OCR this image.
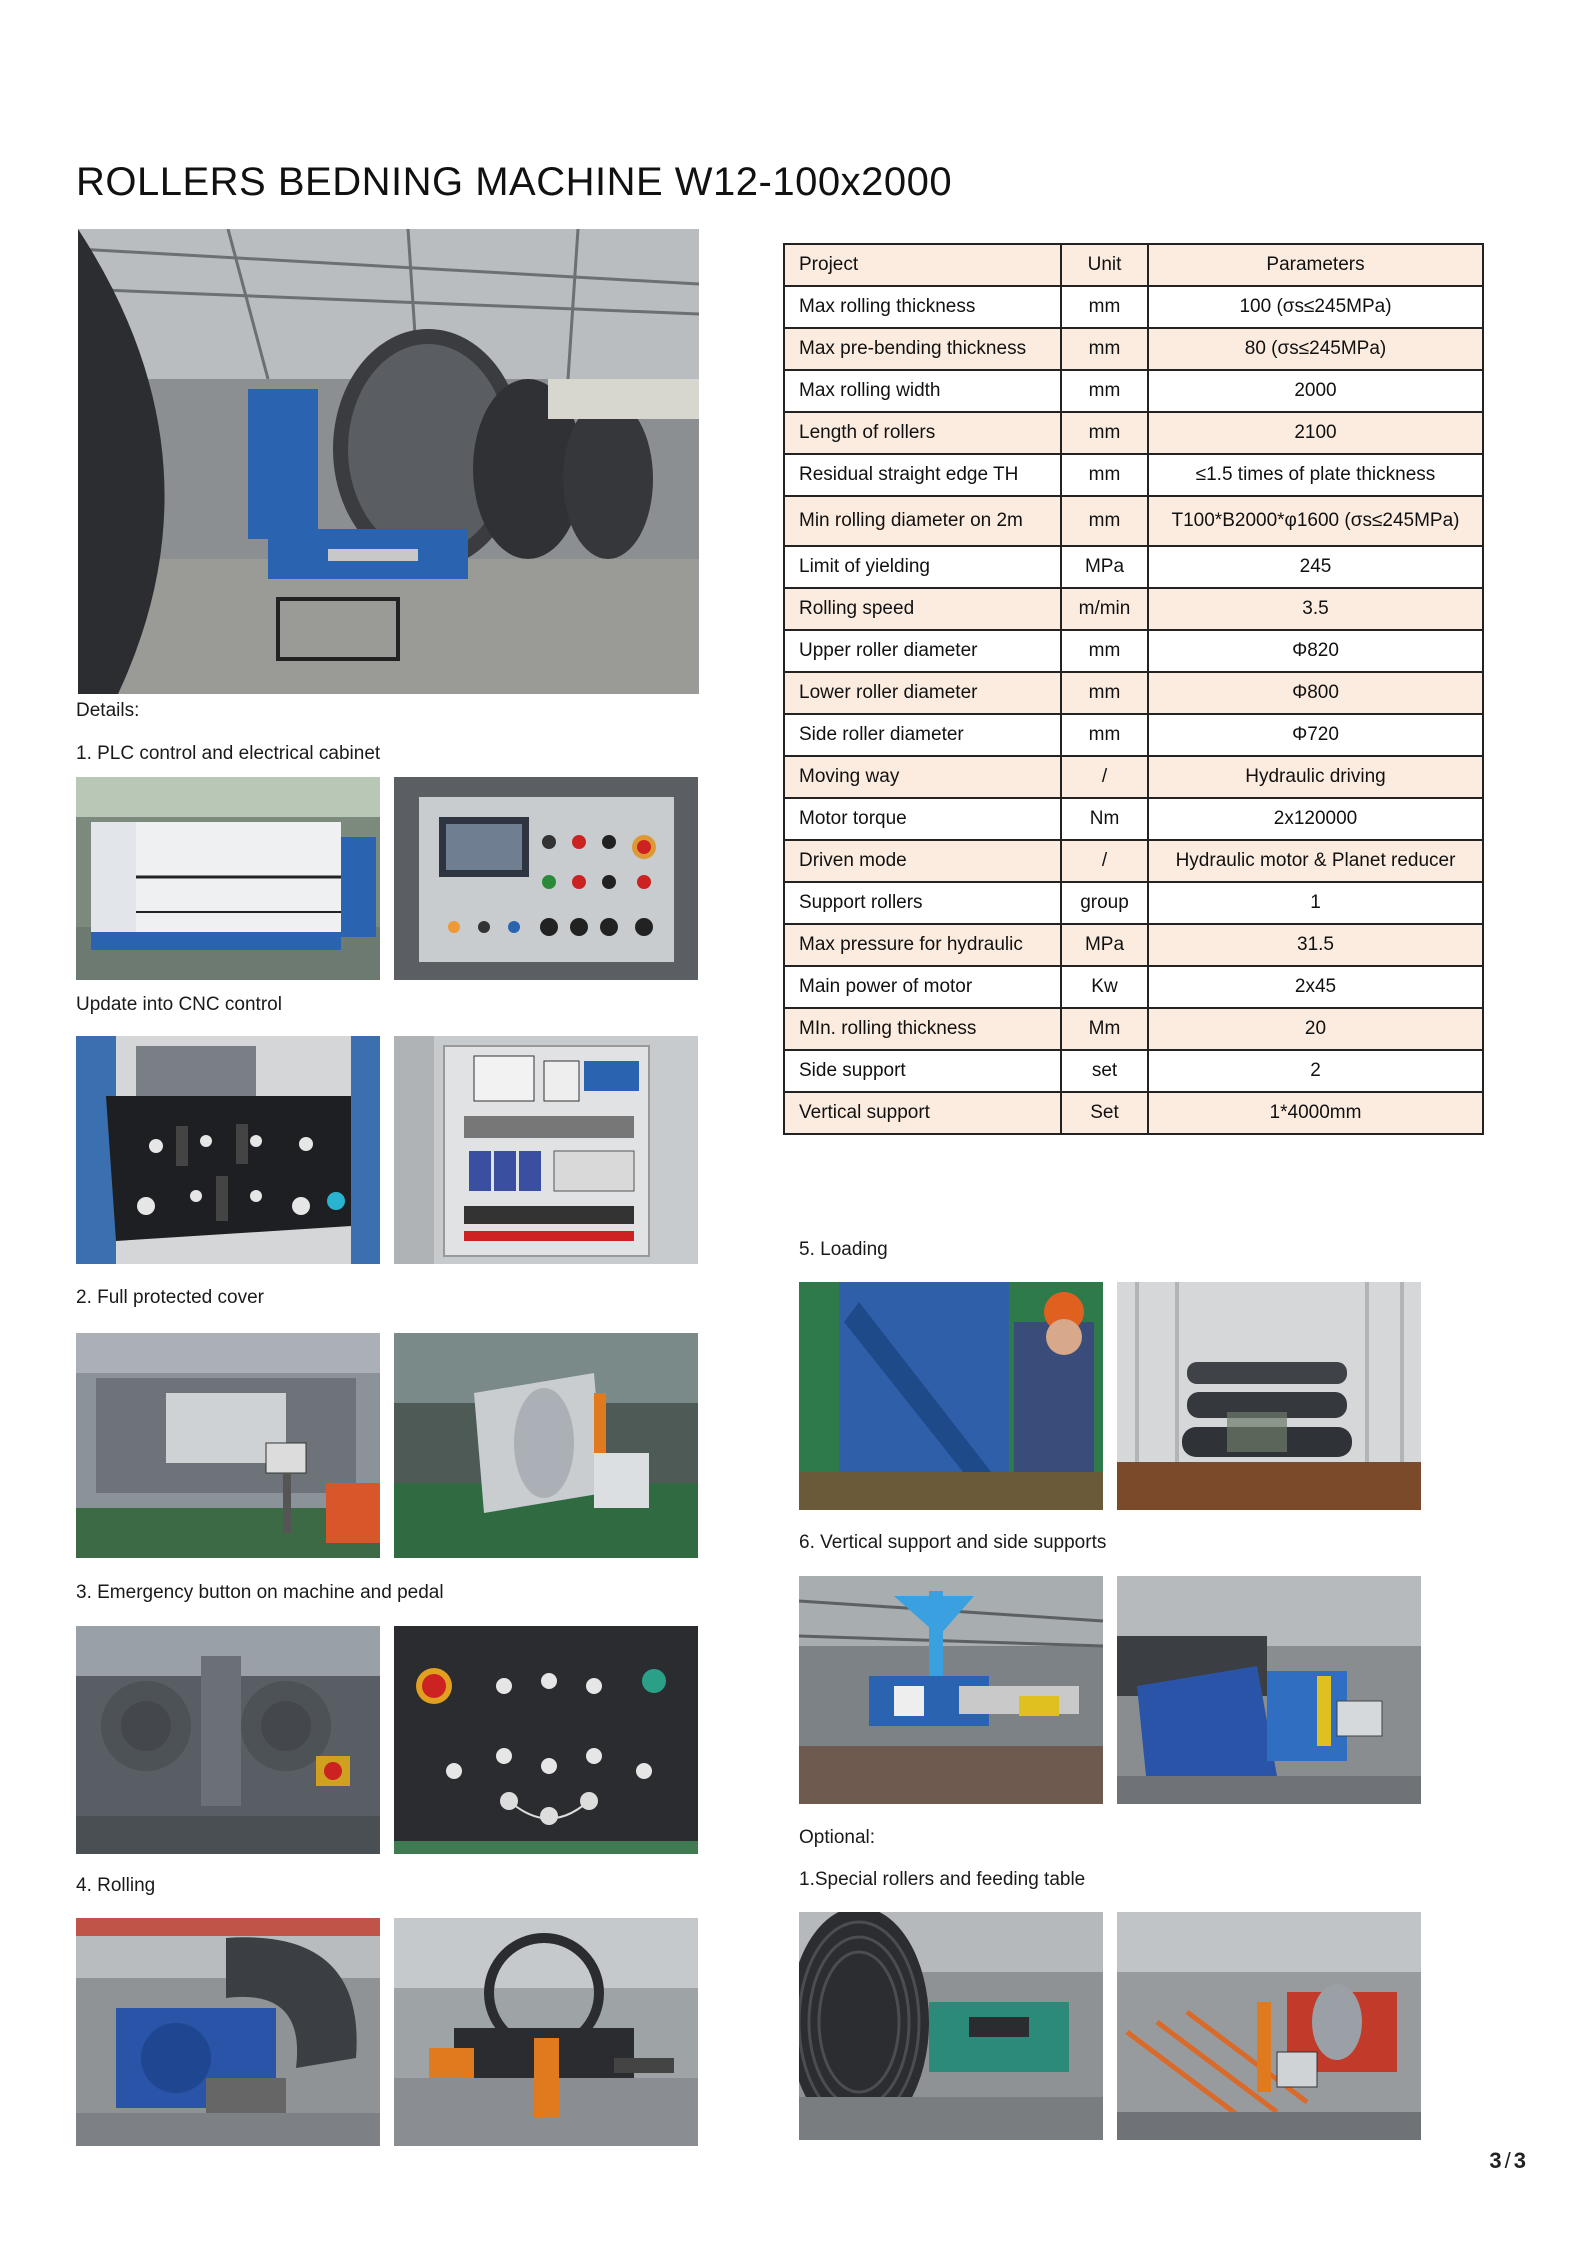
ROLLERS BEDNING MACHINE W12-100x2000
Details:
1. PLC control and electrical cabinet
Update into CNC control
2. Full protected cover
3. Emergency button on machine and pedal
4. Rolling
Project	Unit	Parameters
Max rolling thickness	mm	100 (σs≤245MPa)
Max pre-bending thickness	mm	80 (σs≤245MPa)
Max rolling width	mm	2000
Length of rollers	mm	2100
Residual straight edge TH	mm	≤1.5 times of plate thickness
Min rolling diameter on 2m	mm	T100*B2000*φ1600 (σs≤245MPa)
Limit of yielding	MPa	245
Rolling speed	m/min	3.5
Upper roller diameter	mm	Φ820
Lower roller diameter	mm	Φ800
Side roller diameter	mm	Φ720
Moving way	/	Hydraulic driving
Motor torque	Nm	2x120000
Driven mode	/	Hydraulic motor & Planet reducer
Support rollers	group	1
Max pressure for hydraulic	MPa	31.5
Main power of motor	Kw	2x45
MIn. rolling thickness	Mm	20
Side support	set	2
Vertical support	Set	1*4000mm
5. Loading
6. Vertical support and side supports
Optional:
1.Special rollers and feeding table
3 / 3
